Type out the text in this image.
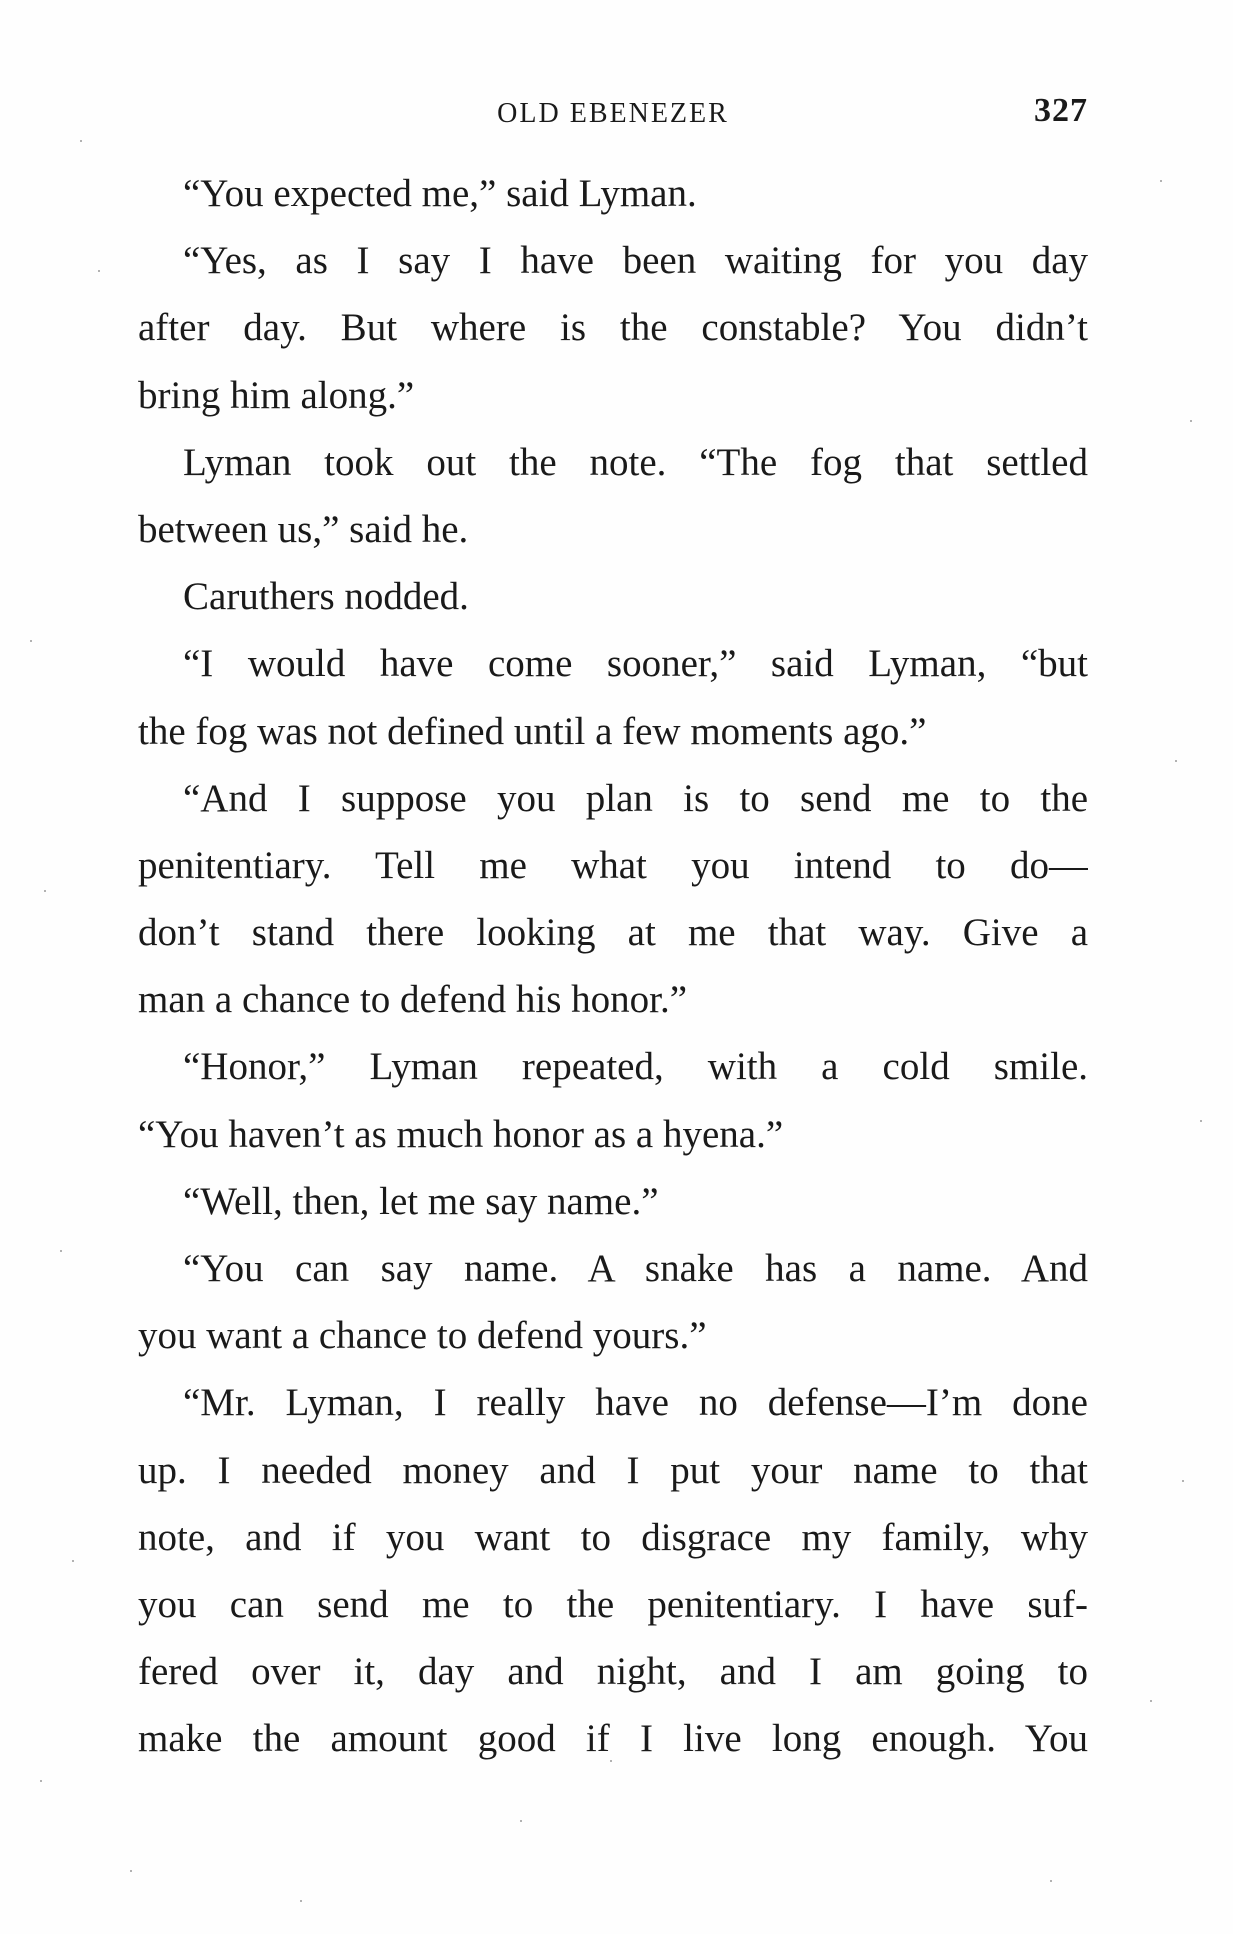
OLD EBENEZER	327
“You expected me,” said Lyman.
“Yes, as I say I have been waiting for you day
after day. But where is the constable? You didn’t
bring him along.”
Lyman took out the note. “The fog that settled
between us,” said he.
Caruthers nodded.
“I would have come sooner,” said Lyman, “but
the fog was not defined until a few moments ago.”
“And I suppose you plan is to send me to the
penitentiary. Tell me what you intend to do—
don’t stand there looking at me that way. Give a
man a chance to defend his honor.”
“Honor,” Lyman repeated, with a cold smile.
“You haven’t as much honor as a hyena.”
“Well, then, let me say name.”
“You can say name. A snake has a name. And
you want a chance to defend yours.”
“Mr. Lyman, I really have no defense—I’m done
up. I needed money and I put your name to that
note, and if you want to disgrace my family, why
you can send me to the penitentiary. I have suf-
fered over it, day and night, and I am going to
make the amount good if I live long enough. You
